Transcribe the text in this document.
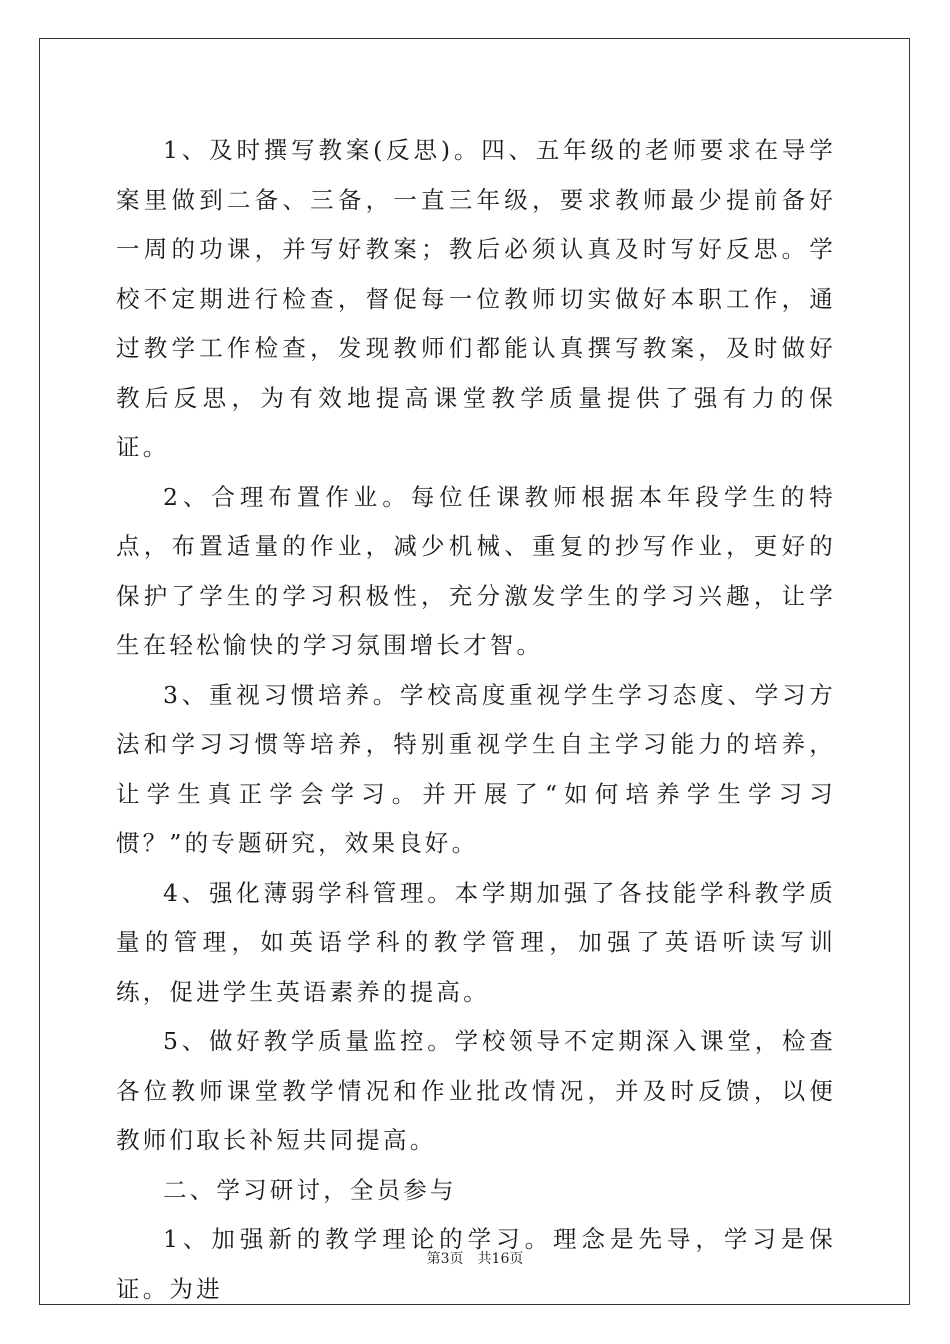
1、及时撰写教案(反思)。四、五年级的老师要求在导学案里做到二备、三备，一直三年级，要求教师最少提前备好一周的功课，并写好教案；教后必须认真及时写好反思。学校不定期进行检查，督促每一位教师切实做好本职工作，通过教学工作检查，发现教师们都能认真撰写教案，及时做好教后反思，为有效地提高课堂教学质量提供了强有力的保证。

2、合理布置作业。每位任课教师根据本年段学生的特点，布置适量的作业，减少机械、重复的抄写作业，更好的保护了学生的学习积极性，充分激发学生的学习兴趣，让学生在轻松愉快的学习氛围增长才智。

3、重视习惯培养。学校高度重视学生学习态度、学习方法和学习习惯等培养，特别重视学生自主学习能力的培养，让学生真正学会学习。并开展了“如何培养学生学习习惯？”的专题研究，效果良好。

4、强化薄弱学科管理。本学期加强了各技能学科教学质量的管理，如英语学科的教学管理，加强了英语听读写训练，促进学生英语素养的提高。

5、做好教学质量监控。学校领导不定期深入课堂，检查各位教师课堂教学情况和作业批改情况，并及时反馈，以便教师们取长补短共同提高。

二、学习研讨，全员参与

1、加强新的教学理论的学习。理念是先导，学习是保证。为进

第3页 共16页
